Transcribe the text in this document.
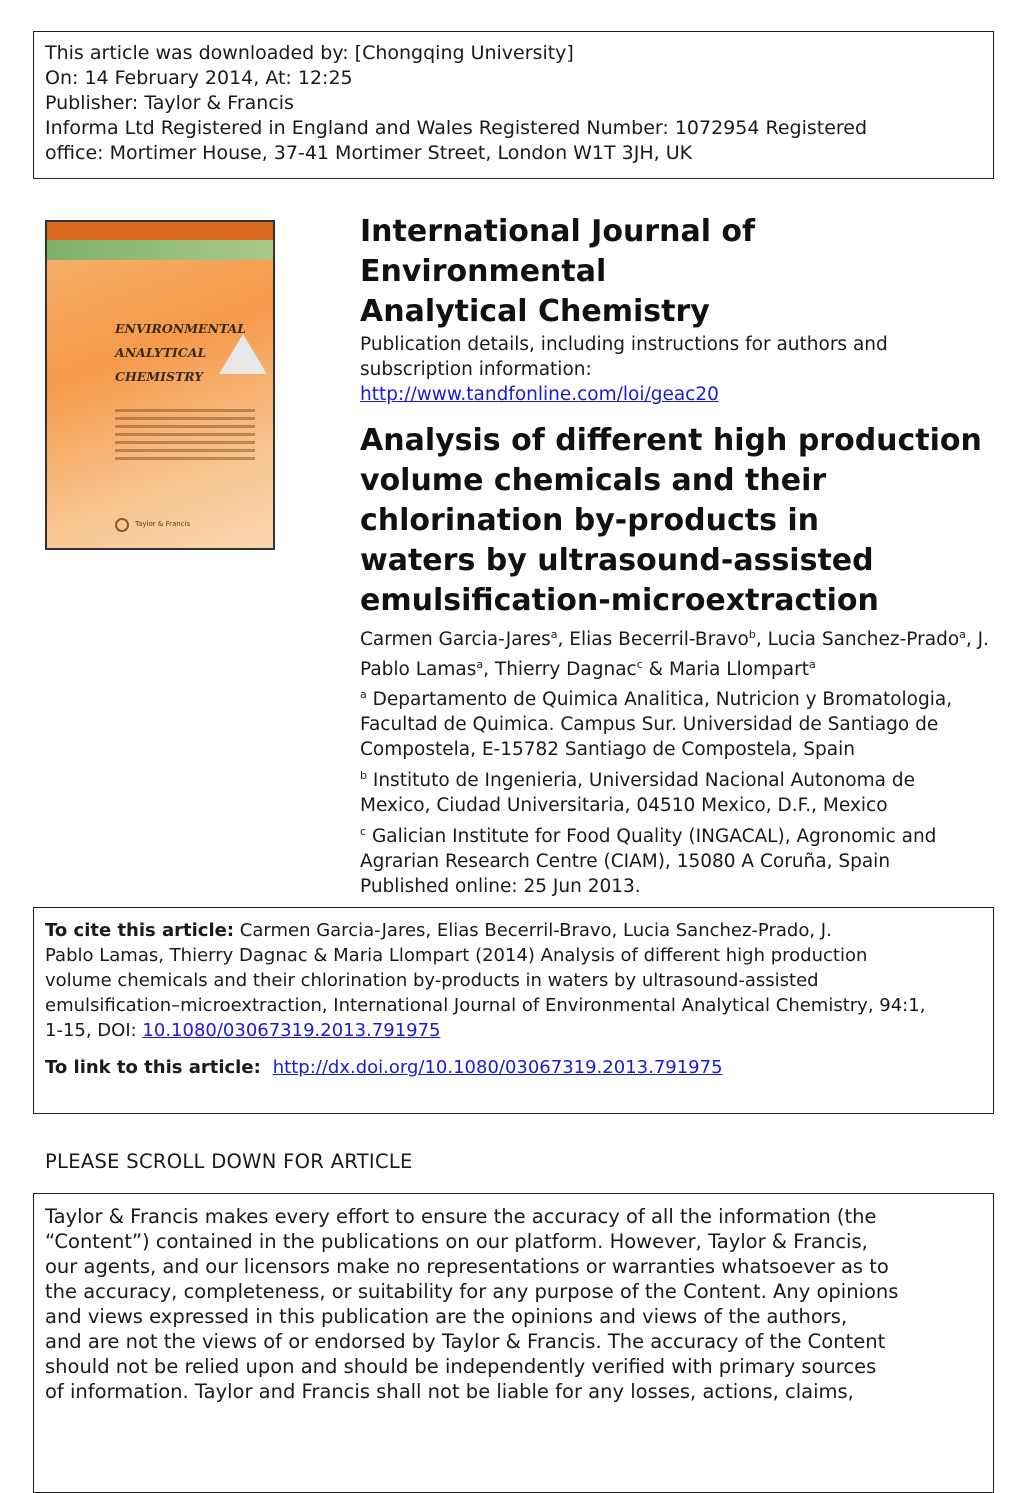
This article was downloaded by: [Chongqing University]
On: 14 February 2014, At: 12:25
Publisher: Taylor & Francis
Informa Ltd Registered in England and Wales Registered Number: 1072954 Registered
office: Mortimer House, 37-41 Mortimer Street, London W1T 3JH, UK
ENVIRONMENTAL
ANALYTICAL
CHEMISTRY
Taylor & Francis
International Journal of Environmental
Analytical Chemistry
Publication details, including instructions for authors and
subscription information:
http://www.tandfonline.com/loi/geac20
Analysis of different high production
volume chemicals and their
chlorination by-products in
waters by ultrasound-assisted
emulsification-microextraction
Carmen Garcia-Jares$^a$, Elias Becerril-Bravo$^b$, Lucia Sanchez-Prado$^a$, J. Pablo Lamas$^a$, Thierry Dagnac$^c$ & Maria Llompart$^a$
$^a$ Departamento de Quimica Analitica, Nutricion y Bromatologia,
Facultad de Quimica. Campus Sur. Universidad de Santiago de
Compostela, E-15782 Santiago de Compostela, Spain
$^b$ Instituto de Ingenieria, Universidad Nacional Autonoma de
Mexico, Ciudad Universitaria, 04510 Mexico, D.F., Mexico
$^c$ Galician Institute for Food Quality (INGACAL), Agronomic and
Agrarian Research Centre (CIAM), 15080 A Coruña, Spain
Published online: 25 Jun 2013.
To cite this article: Carmen Garcia-Jares, Elias Becerril-Bravo, Lucia Sanchez-Prado, J.
Pablo Lamas, Thierry Dagnac & Maria Llompart (2014) Analysis of different high production
volume chemicals and their chlorination by-products in waters by ultrasound-assisted
emulsification–microextraction, International Journal of Environmental Analytical Chemistry, 94:1,
1-15, DOI: 10.1080/03067319.2013.791975
To link to this article: http://dx.doi.org/10.1080/03067319.2013.791975
PLEASE SCROLL DOWN FOR ARTICLE
Taylor & Francis makes every effort to ensure the accuracy of all the information (the
“Content”) contained in the publications on our platform. However, Taylor & Francis,
our agents, and our licensors make no representations or warranties whatsoever as to
the accuracy, completeness, or suitability for any purpose of the Content. Any opinions
and views expressed in this publication are the opinions and views of the authors,
and are not the views of or endorsed by Taylor & Francis. The accuracy of the Content
should not be relied upon and should be independently verified with primary sources
of information. Taylor and Francis shall not be liable for any losses, actions, claims,
